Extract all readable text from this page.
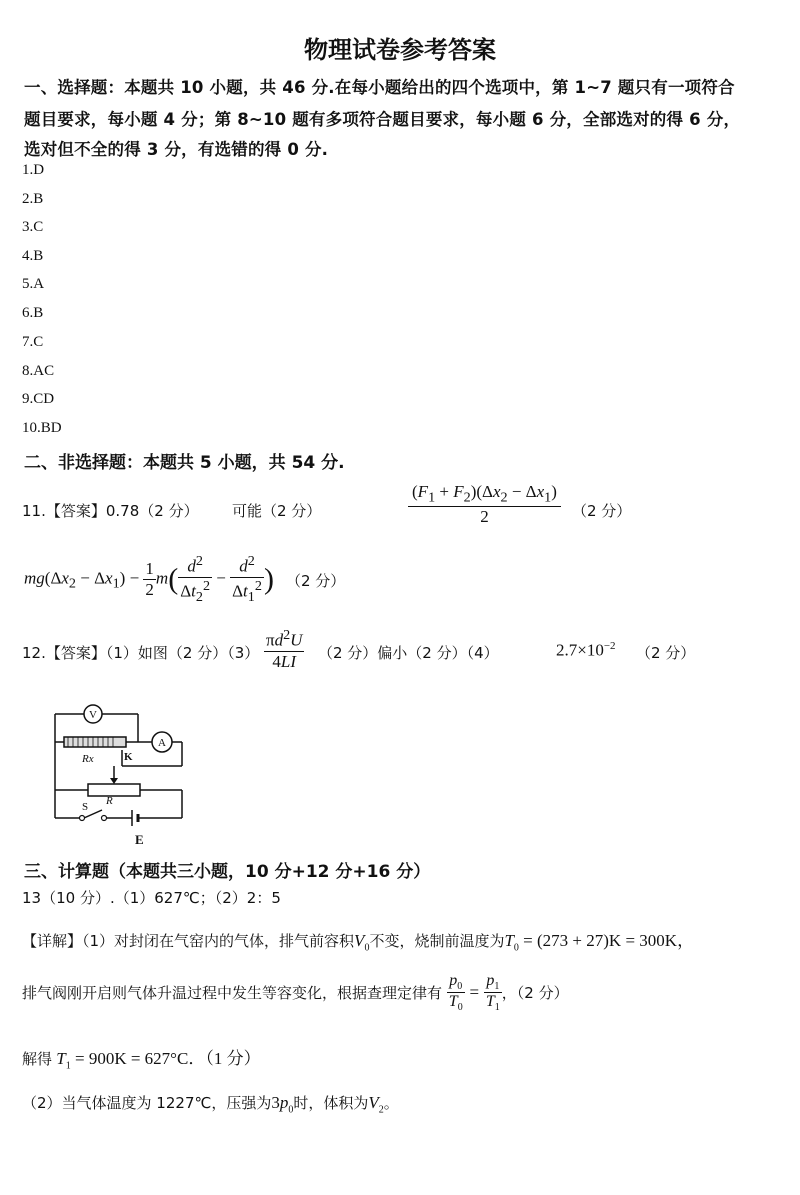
物理试卷参考答案
一、选择题：本题共 10 小题，共 46 分.在每小题给出的四个选项中，第 1~7 题只有一项符合
题目要求，每小题 4 分；第 8~10 题有多项符合题目要求，每小题 6 分，全部选对的得 6 分，
选对但不全的得 3 分，有选错的得 0 分.
1.D
2.B
3.C
4.B
5.A
6.B
7.C
8.AC
9.CD
10.BD
二、非选择题：本题共 5 小题，共 54 分.
11.【答案】0.78（2 分） 可能（2 分）	$\frac{(F_1 + F_2)(\Delta x_2 - \Delta x_1)}{2} (2$ 分）
$mg(\Delta x_2 - \Delta x_1) - \frac{1}{2} m( \frac{d^2}{\Delta t_2^2} - \frac{d^2}{\Delta t_1^2}$ ) （2 分）
12.【答案】（1）如图（2 分）$(3) \frac{\pi d^2U}{4LI} (2$ 分）偏小（2 分）（4）	$2.7\times 10^{-2}$ （2 分）
V
A
Rx	K
R
S
E
三、计算题（本题共三小题，10 分+12 分+16 分）
13（10 分）.（1）627℃；（2）2：5
【详解】（1）对封闭在气窑内的气体，排气前容积$V_0$不变，烧制前温度为$T_0 = (273 + 27)K = 300K$，
排气阀刚开启则气体升温过程中发生等容变化，根据查理定律有 $\frac{p_0}{T_0} = \frac{p_1}{T_1}$ ，（2 分）
解得 $T_1 = 900K = 627^\circ C$．（1 分）
（2）当气体温度为 1227℃，压强为$3p_0$时，体积为$V_2$。
